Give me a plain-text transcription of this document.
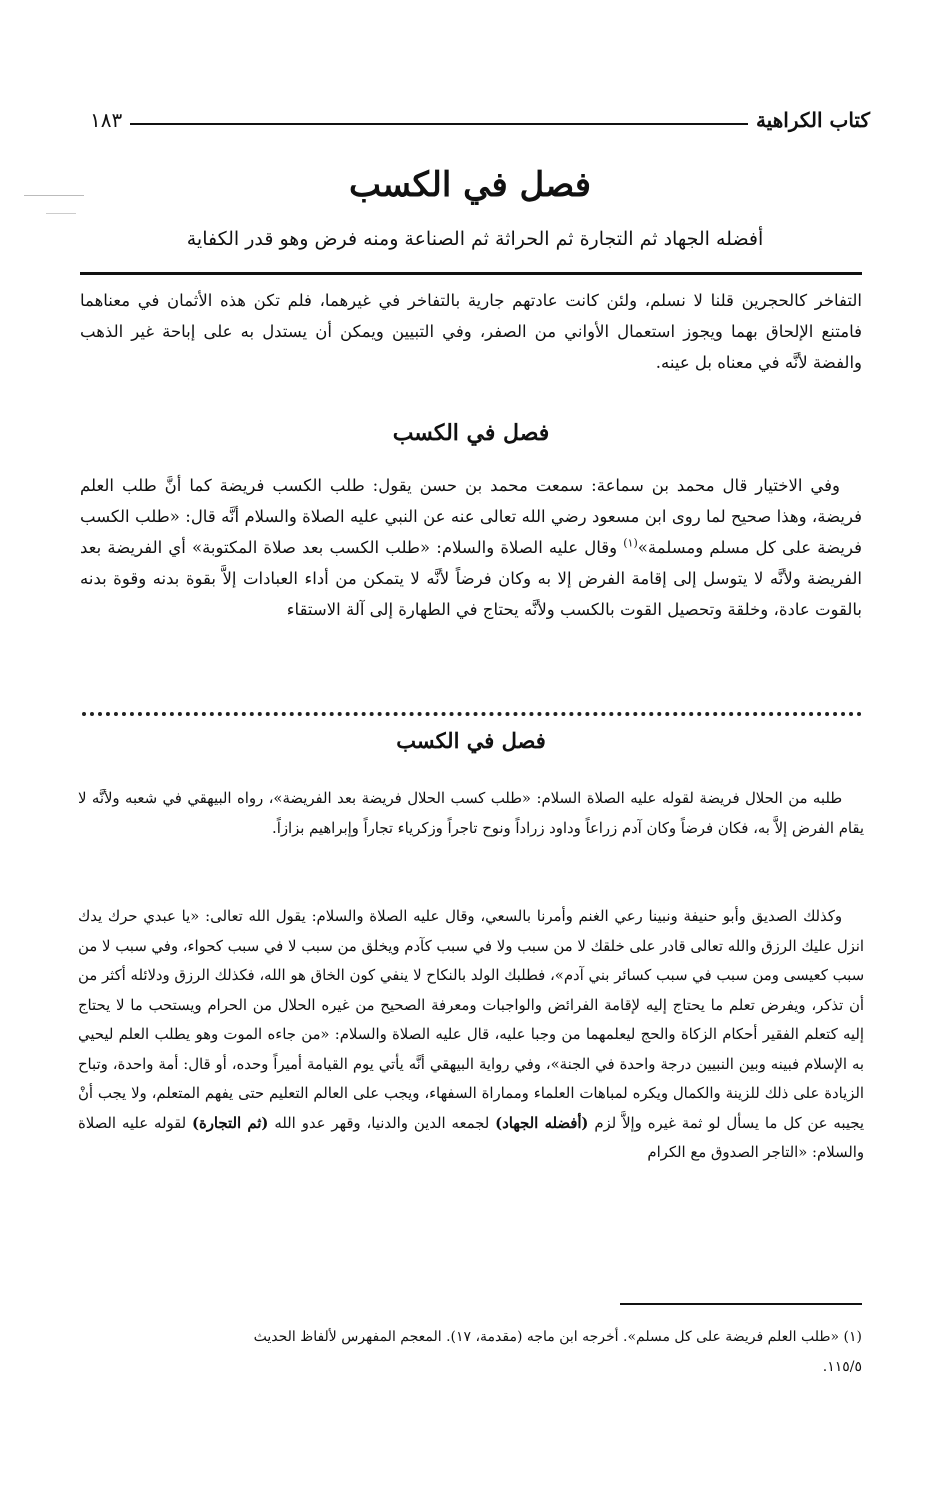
كتاب الكراهية
١٨٣
فصل في الكسب
أفضله الجهاد ثم التجارة ثم الحراثة ثم الصناعة ومنه فرض وهو قدر الكفاية

التفاخر كالحجرين قلنا لا نسلم، ولئن كانت عادتهم جارية بالتفاخر في غيرهما، فلم تكن هذه الأثمان في معناهما فامتنع الإلحاق بهما ويجوز استعمال الأواني من الصفر، وفي التبيين ويمكن أن يستدل به على إباحة غير الذهب والفضة لأنَّه في معناه بل عينه.

فصل في الكسب

وفي الاختيار قال محمد بن سماعة: سمعت محمد بن حسن يقول: طلب الكسب فريضة كما أنَّ طلب العلم فريضة، وهذا صحيح لما روى ابن مسعود رضي الله تعالى عنه عن النبي عليه الصلاة والسلام أنَّه قال: «طلب الكسب فريضة على كل مسلم ومسلمة»$^{(١)}$ وقال عليه الصلاة والسلام: «طلب الكسب بعد صلاة المكتوبة» أي الفريضة بعد الفريضة ولأنَّه لا يتوسل إلى إقامة الفرض إلا به وكان فرضاً لأنَّه لا يتمكن من أداء العبادات إلاَّ بقوة بدنه وقوة بدنه بالقوت عادة، وخلقة وتحصيل القوت بالكسب ولأنَّه يحتاج في الطهارة إلى آلة الاستقاء

فصل في الكسب

طلبه من الحلال فريضة لقوله عليه الصلاة السلام: «طلب كسب الحلال فريضة بعد الفريضة»، رواه البيهقي في شعبه ولأنَّه لا يقام الفرض إلاَّ به، فكان فرضاً وكان آدم زراعاً وداود زراداً ونوح تاجراً وزكرياء تجاراً وإبراهيم بزازاً.

وكذلك الصديق وأبو حنيفة ونبينا رعي الغنم وأمرنا بالسعي، وقال عليه الصلاة والسلام: يقول الله تعالى: «يا عبدي حرك يدك انزل عليك الرزق والله تعالى قادر على خلقك لا من سبب ولا في سبب كآدم ويخلق من سبب لا في سبب كحواء، وفي سبب لا من سبب كعيسى ومن سبب في سبب كسائر بني آدم»، فطلبك الولد بالنكاح لا ينفي كون الخاق هو الله، فكذلك الرزق ودلائله أكثر من أن تذكر، ويفرض تعلم ما يحتاج إليه لإقامة الفرائض والواجبات ومعرفة الصحيح من غيره الحلال من الحرام ويستحب ما لا يحتاج إليه كتعلم الفقير أحكام الزكاة والحج ليعلمهما من وجبا عليه، قال عليه الصلاة والسلام: «من جاءه الموت وهو يطلب العلم ليحيي به الإسلام فبينه وبين النبيين درجة واحدة في الجنة»، وفي رواية البيهقي أنَّه يأتي يوم القيامة أميراً وحده، أو قال: أمة واحدة، وتباح الزيادة على ذلك للزينة والكمال ويكره لمباهات العلماء ومماراة السفهاء، ويجب على العالم التعليم حتى يفهم المتعلم، ولا يجب أنْ يجيبه عن كل ما يسأل لو ثمة غيره وإلاَّ لزم (أفضله الجهاد) لجمعه الدين والدنيا، وقهر عدو الله (ثم التجارة) لقوله عليه الصلاة والسلام: «التاجر الصدوق مع الكرام

(١) «طلب العلم فريضة على كل مسلم». أخرجه ابن ماجه (مقدمة، ١٧). المعجم المفهرس لألفاظ الحديث
١١٥/٥.
